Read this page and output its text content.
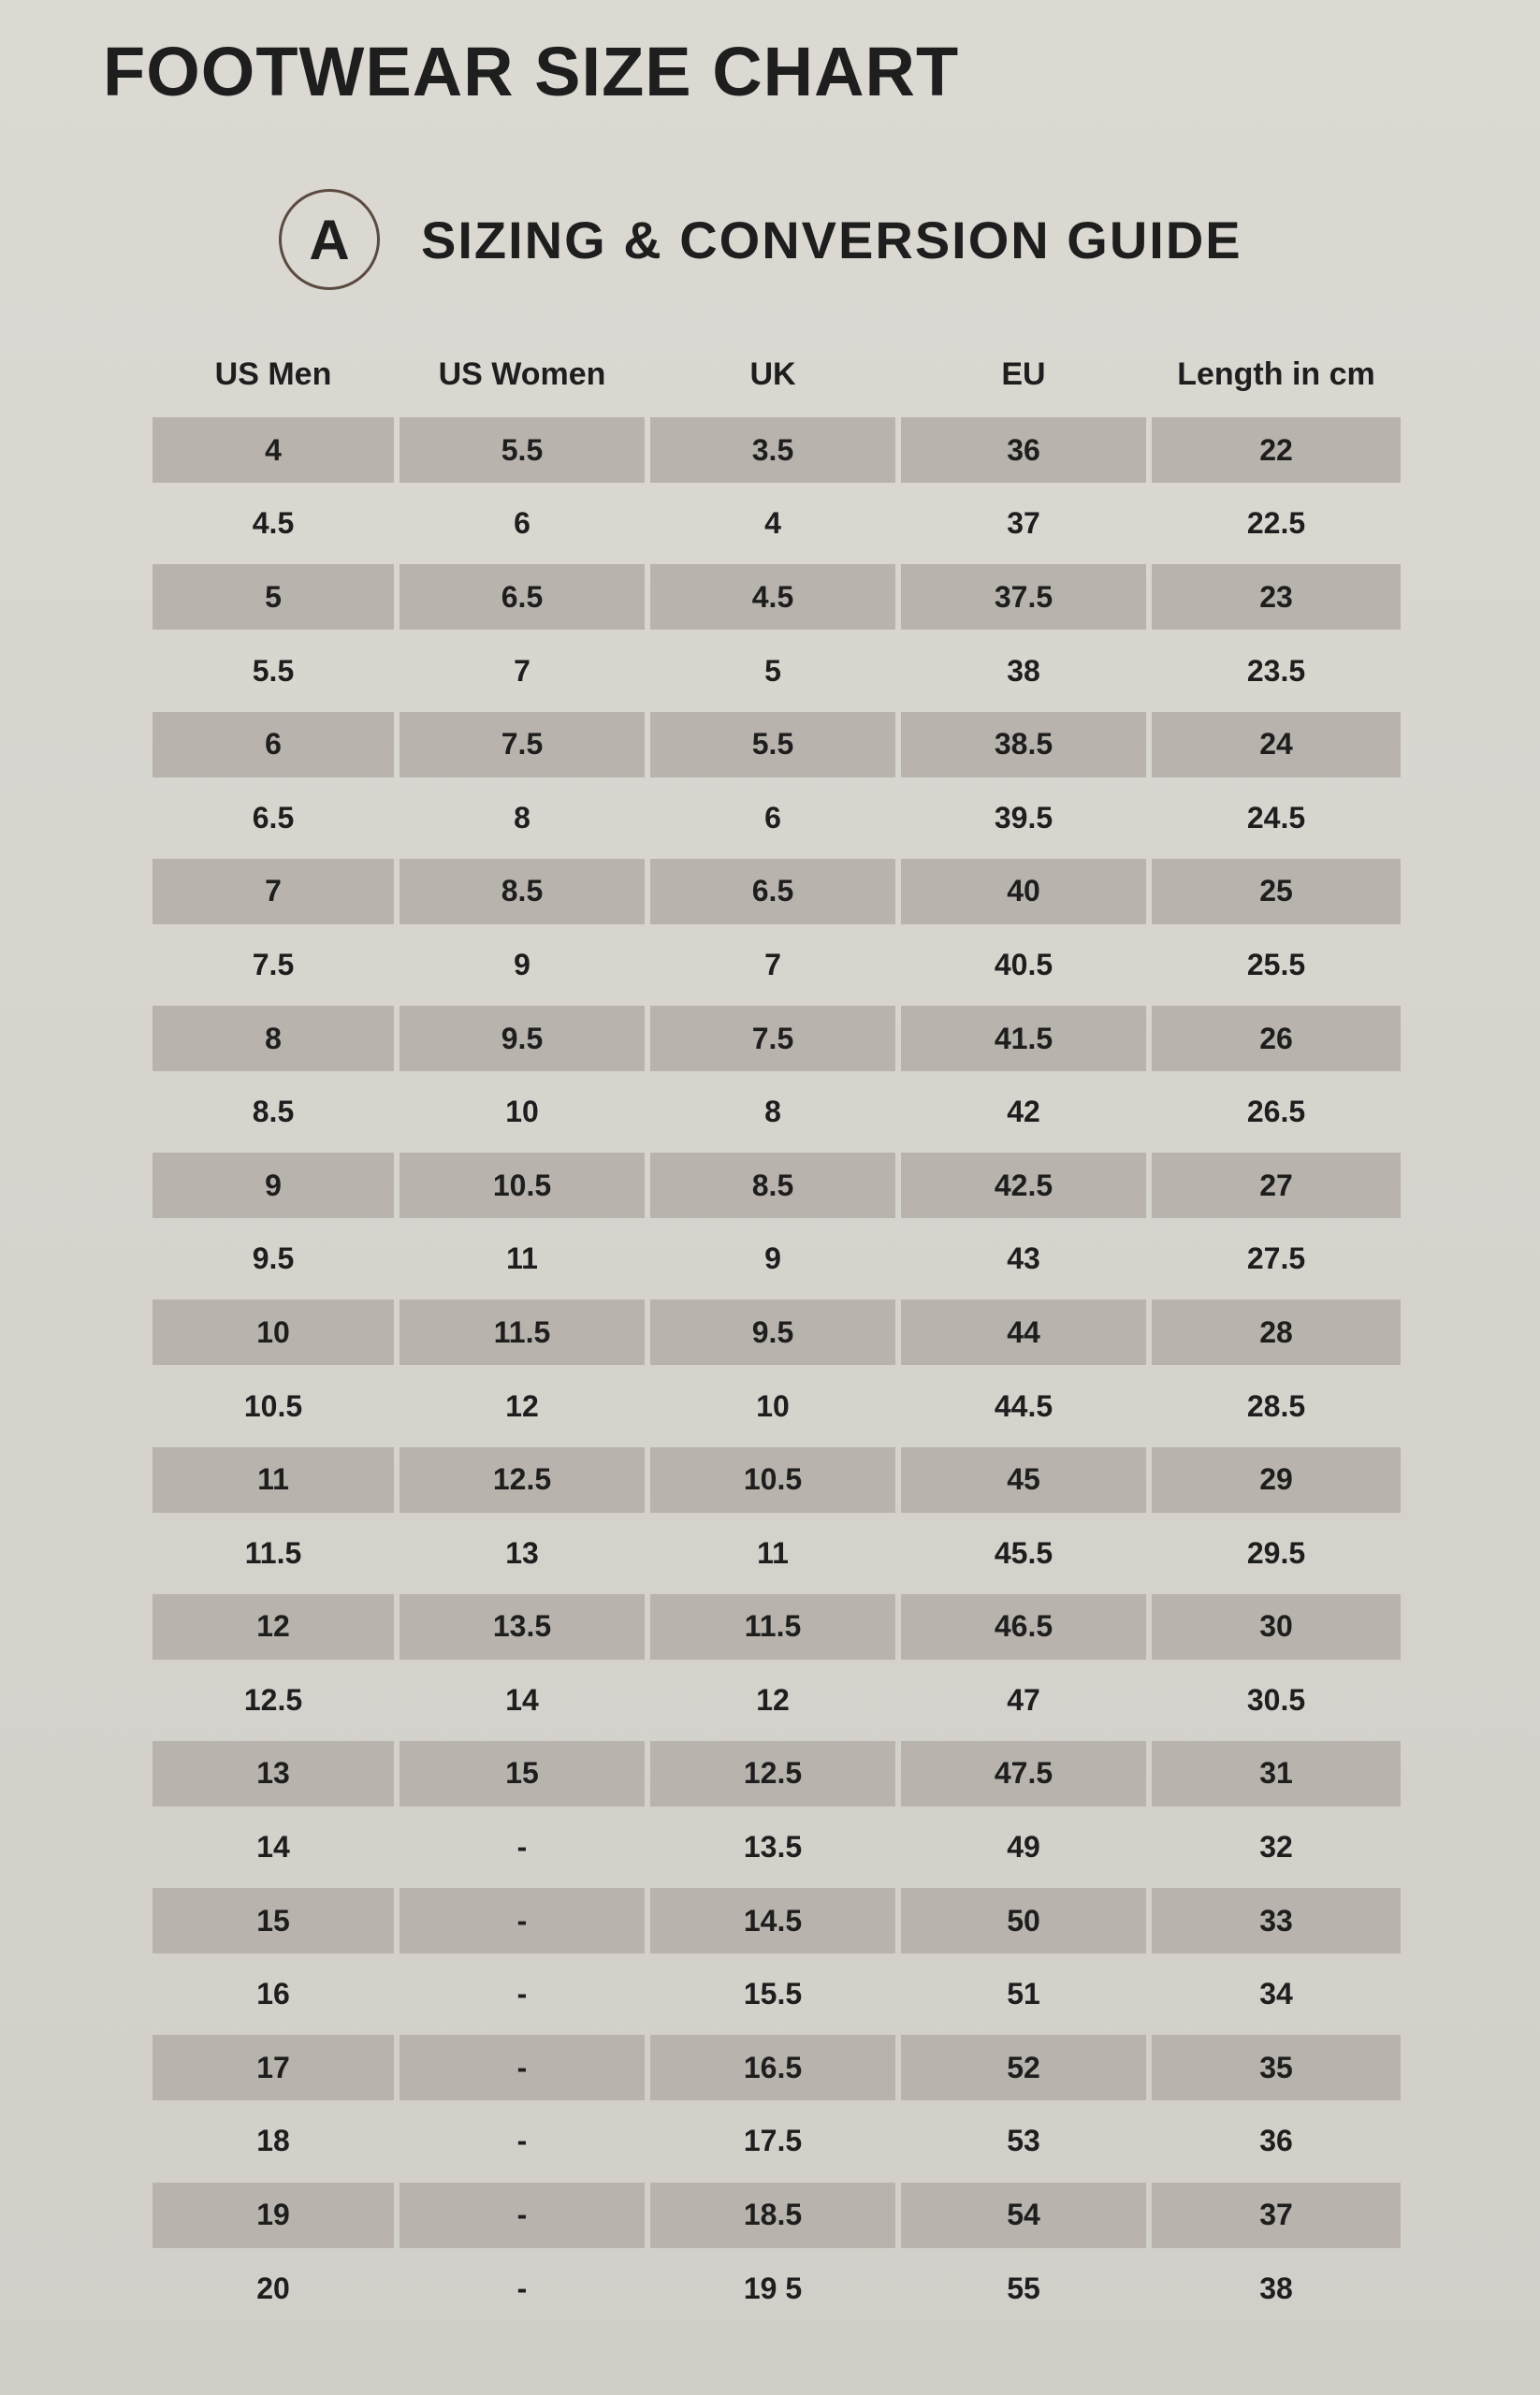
FOOTWEAR SIZE CHART
A	SIZING & CONVERSION GUIDE
US Men	US Women	UK	EU	Length in cm
4	5.5	3.5	36	22
4.5	6	4	37	22.5
5	6.5	4.5	37.5	23
5.5	7	5	38	23.5
6	7.5	5.5	38.5	24
6.5	8	6	39.5	24.5
7	8.5	6.5	40	25
7.5	9	7	40.5	25.5
8	9.5	7.5	41.5	26
8.5	10	8	42	26.5
9	10.5	8.5	42.5	27
9.5	11	9	43	27.5
10	11.5	9.5	44	28
10.5	12	10	44.5	28.5
11	12.5	10.5	45	29
11.5	13	11	45.5	29.5
12	13.5	11.5	46.5	30
12.5	14	12	47	30.5
13	15	12.5	47.5	31
14	-	13.5	49	32
15	-	14.5	50	33
16	-	15.5	51	34
17	-	16.5	52	35
18	-	17.5	53	36
19	-	18.5	54	37
20	-	19 5	55	38
